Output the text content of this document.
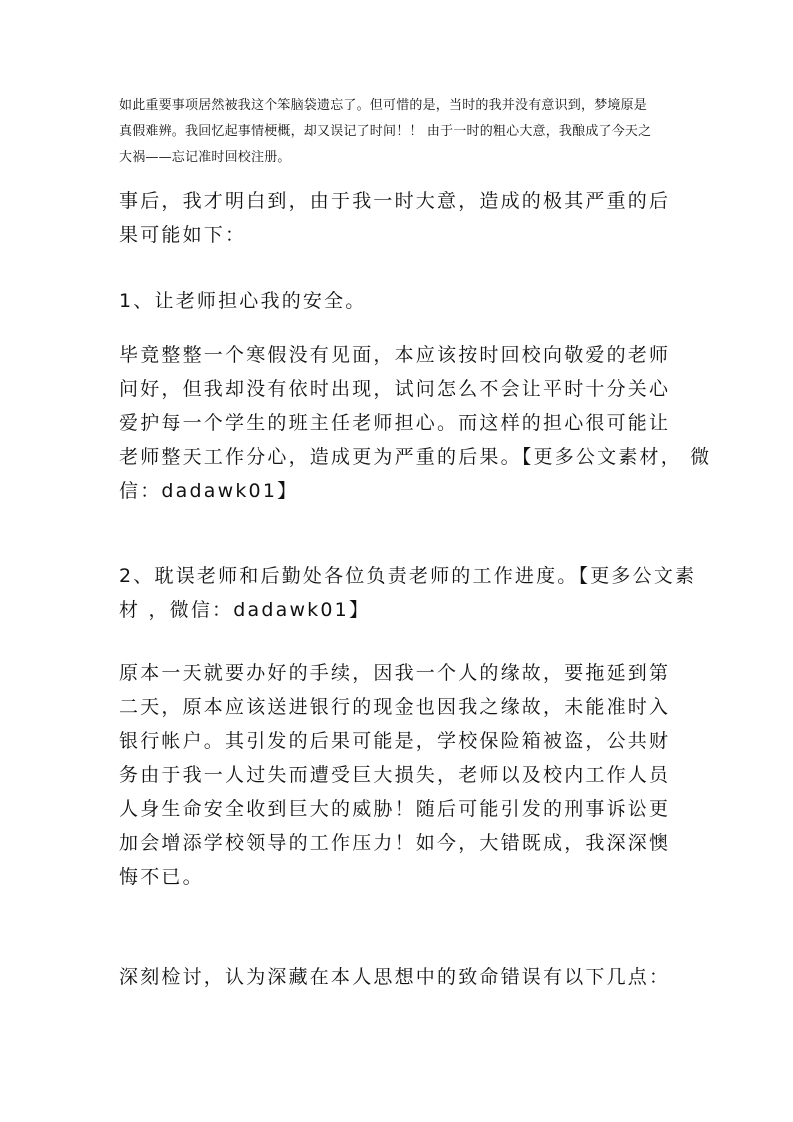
如此重要事项居然被我这个笨脑袋遗忘了。但可惜的是，当时的我并没有意识到，梦境原是
真假难辨。我回忆起事情梗概，却又误记了时间！！ 由于一时的粗心大意，我酿成了今天之
大祸——忘记准时回校注册。
事后，我才明白到，由于我一时大意，造成的极其严重的后
果可能如下：
1、让老师担心我的安全。
毕竟整整一个寒假没有见面，本应该按时回校向敬爱的老师
问好，但我却没有依时出现，试问怎么不会让平时十分关心
爱护每一个学生的班主任老师担心。而这样的担心很可能让
老师整天工作分心，造成更为严重的后果。【更多公文素材， 微
信：dadawk01】
2、耽误老师和后勤处各位负责老师的工作进度。【更多公文素
材 ，微信：dadawk01】
原本一天就要办好的手续，因我一个人的缘故，要拖延到第
二天，原本应该送进银行的现金也因我之缘故，未能准时入
银行帐户。其引发的后果可能是，学校保险箱被盗，公共财
务由于我一人过失而遭受巨大损失，老师以及校内工作人员
人身生命安全收到巨大的威胁！随后可能引发的刑事诉讼更
加会增添学校领导的工作压力！如今，大错既成，我深深懊
悔不已。
深刻检讨，认为深藏在本人思想中的致命错误有以下几点：
